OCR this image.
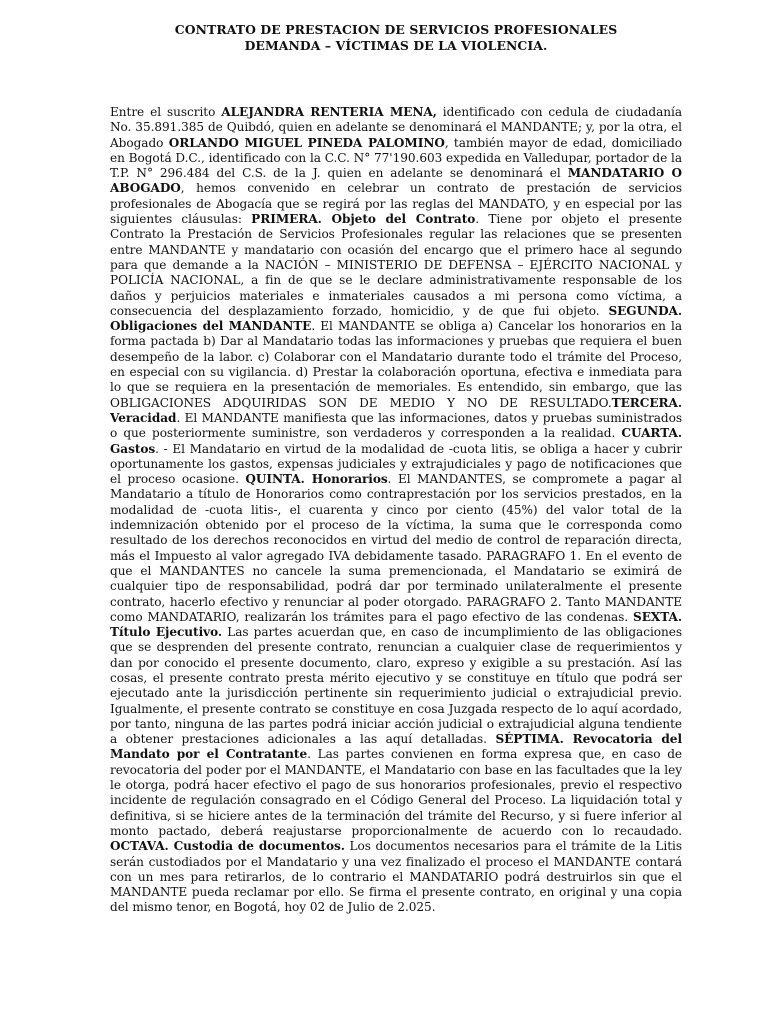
CONTRATO DE PRESTACION DE SERVICIOS PROFESIONALES
DEMANDA – VÍCTIMAS DE LA VIOLENCIA.

Entre el suscrito ALEJANDRA RENTERIA MENA, identificado con cedula de ciudadanía No. 35.891.385 de Quibdó, quien en adelante se denominará el MANDANTE; y, por la otra, el Abogado ORLANDO MIGUEL PINEDA PALOMINO, también mayor de edad, domiciliado en Bogotá D.C., identificado con la C.C. N° 77'190.603 expedida en Valledupar, portador de la T.P. N° 296.484 del C.S. de la J. quien en adelante se denominará el MANDATARIO O ABOGADO, hemos convenido en celebrar un contrato de prestación de servicios profesionales de Abogacía que se regirá por las reglas del MANDATO, y en especial por las siguientes cláusulas: PRIMERA. Objeto del Contrato. Tiene por objeto el presente Contrato la Prestación de Servicios Profesionales regular las relaciones que se presenten entre MANDANTE y mandatario con ocasión del encargo que el primero hace al segundo para que demande a la NACIÓN – MINISTERIO DE DEFENSA – EJÉRCITO NACIONAL y POLICÍA NACIONAL, a fin de que se le declare administrativamente responsable de los daños y perjuicios materiales e inmateriales causados a mi persona como víctima, a consecuencia del desplazamiento forzado, homicidio, y de que fui objeto. SEGUNDA. Obligaciones del MANDANTE. El MANDANTE se obliga a) Cancelar los honorarios en la forma pactada b) Dar al Mandatario todas las informaciones y pruebas que requiera el buen desempeño de la labor. c) Colaborar con el Mandatario durante todo el trámite del Proceso, en especial con su vigilancia. d) Prestar la colaboración oportuna, efectiva e inmediata para lo que se requiera en la presentación de memoriales. Es entendido, sin embargo, que las OBLIGACIONES ADQUIRIDAS SON DE MEDIO Y NO DE RESULTADO.TERCERA. Veracidad. El MANDANTE manifiesta que las informaciones, datos y pruebas suministrados o que posteriormente suministre, son verdaderos y corresponden a la realidad. CUARTA. Gastos. - El Mandatario en virtud de la modalidad de -cuota litis, se obliga a hacer y cubrir oportunamente los gastos, expensas judiciales y extrajudiciales y pago de notificaciones que el proceso ocasione. QUINTA. Honorarios. El MANDANTES, se compromete a pagar al Mandatario a título de Honorarios como contraprestación por los servicios prestados, en la modalidad de -cuota litis-, el cuarenta y cinco por ciento (45%) del valor total de la indemnización obtenido por el proceso de la víctima, la suma que le corresponda como resultado de los derechos reconocidos en virtud del medio de control de reparación directa, más el Impuesto al valor agregado IVA debidamente tasado. PARAGRAFO 1. En el evento de que el MANDANTES no cancele la suma premencionada, el Mandatario se eximirá de cualquier tipo de responsabilidad, podrá dar por terminado unilateralmente el presente contrato, hacerlo efectivo y renunciar al poder otorgado. PARAGRAFO 2. Tanto MANDANTE como MANDATARIO, realizarán los trámites para el pago efectivo de las condenas. SEXTA. Título Ejecutivo. Las partes acuerdan que, en caso de incumplimiento de las obligaciones que se desprenden del presente contrato, renuncian a cualquier clase de requerimientos y dan por conocido el presente documento, claro, expreso y exigible a su prestación. Así las cosas, el presente contrato presta mérito ejecutivo y se constituye en título que podrá ser ejecutado ante la jurisdicción pertinente sin requerimiento judicial o extrajudicial previo. Igualmente, el presente contrato se constituye en cosa Juzgada respecto de lo aquí acordado, por tanto, ninguna de las partes podrá iniciar acción judicial o extrajudicial alguna tendiente a obtener prestaciones adicionales a las aquí detalladas. SÉPTIMA. Revocatoria del Mandato por el Contratante. Las partes convienen en forma expresa que, en caso de revocatoria del poder por el MANDANTE, el Mandatario con base en las facultades que la ley le otorga, podrá hacer efectivo el pago de sus honorarios profesionales, previo el respectivo incidente de regulación consagrado en el Código General del Proceso. La liquidación total y definitiva, si se hiciere antes de la terminación del trámite del Recurso, y si fuere inferior al monto pactado, deberá reajustarse proporcionalmente de acuerdo con lo recaudado. OCTAVA. Custodia de documentos. Los documentos necesarios para el trámite de la Litis serán custodiados por el Mandatario y una vez finalizado el proceso el MANDANTE contará con un mes para retirarlos, de lo contrario el MANDATARIO podrá destruirlos sin que el MANDANTE pueda reclamar por ello. Se firma el presente contrato, en original y una copia del mismo tenor, en Bogotá, hoy 02 de Julio de 2.025.
